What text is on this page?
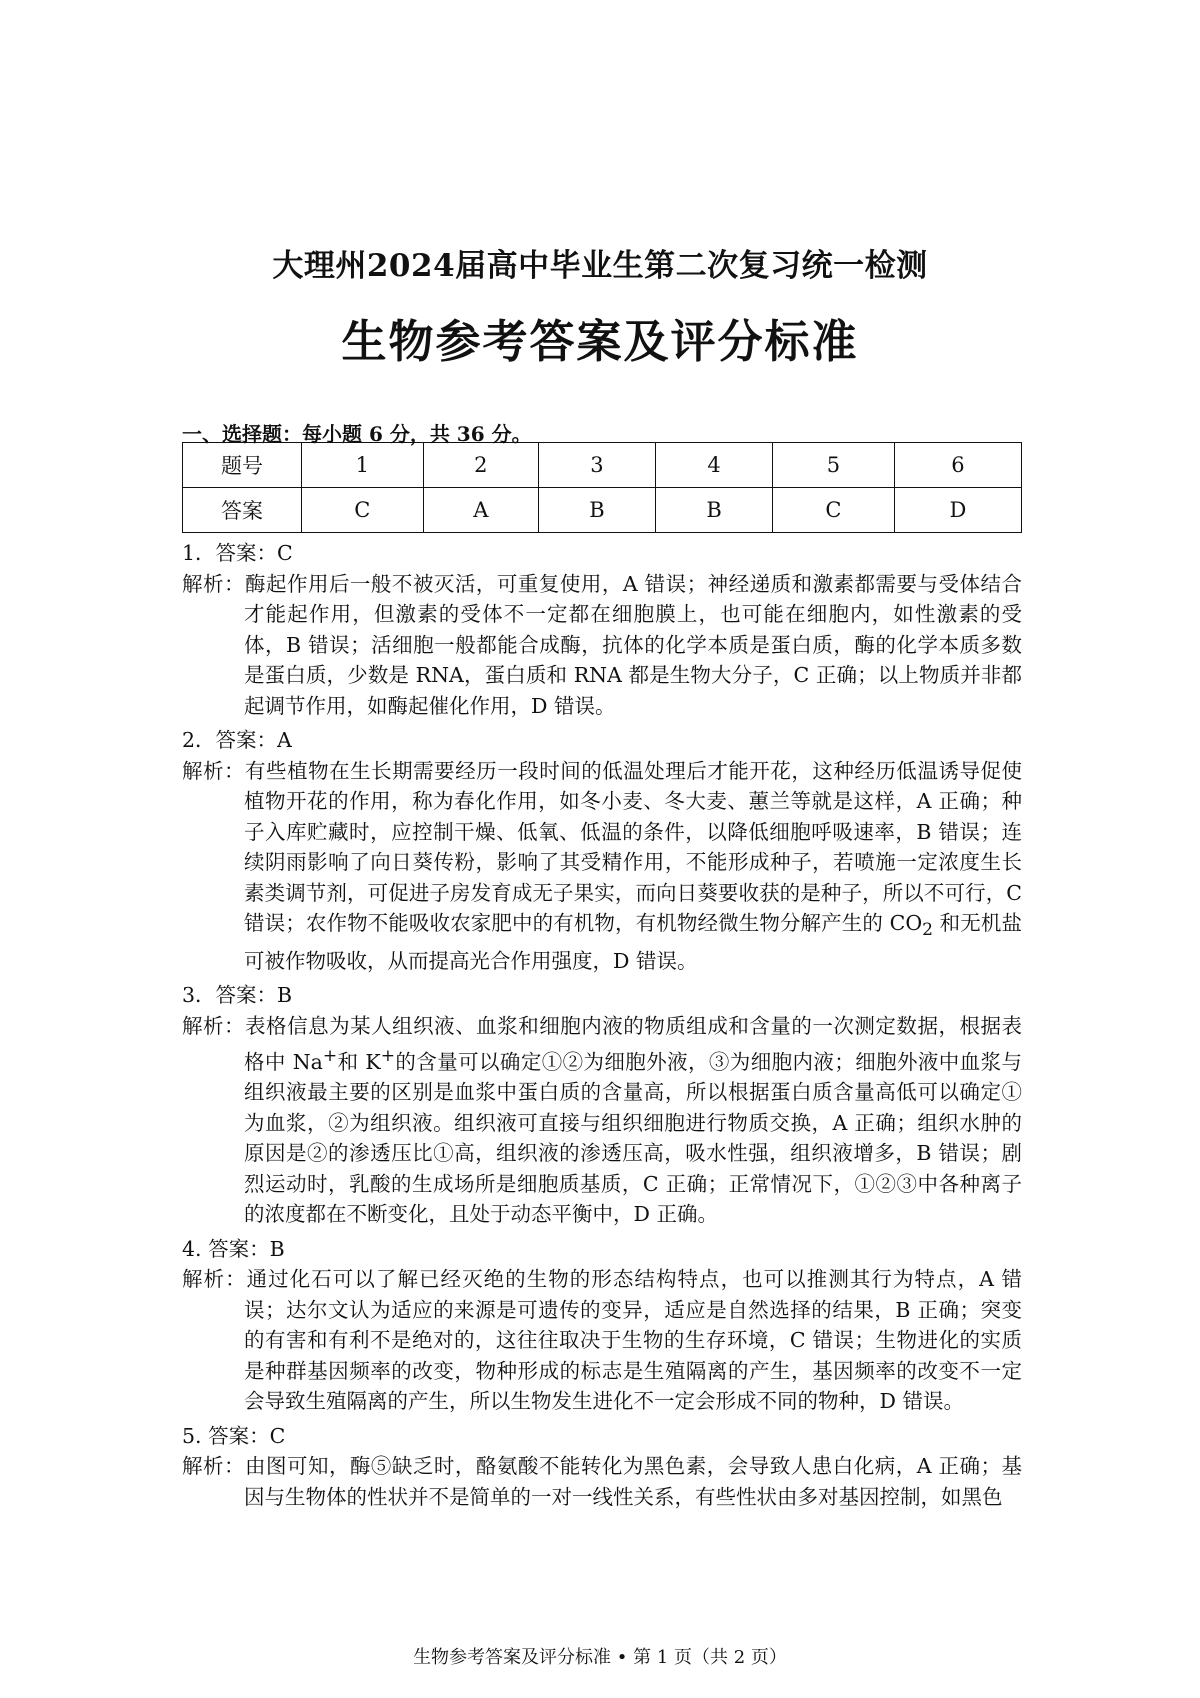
大理州2024届高中毕业生第二次复习统一检测
生物参考答案及评分标准
一、选择题：每小题 6 分，共 36 分。
题号	1	2	3	4	5	6
答案	C	A	B	B	C	D

1．答案：C

解析：酶起作用后一般不被灭活，可重复使用，A 错误；神经递质和激素都需要与受体结合才能起作用，但激素的受体不一定都在细胞膜上，也可能在细胞内，如性激素的受体，B 错误；活细胞一般都能合成酶，抗体的化学本质是蛋白质，酶的化学本质多数是蛋白质，少数是 RNA，蛋白质和 RNA 都是生物大分子，C 正确；以上物质并非都起调节作用，如酶起催化作用，D 错误。

2．答案：A

解析：有些植物在生长期需要经历一段时间的低温处理后才能开花，这种经历低温诱导促使植物开花的作用，称为春化作用，如冬小麦、冬大麦、蕙兰等就是这样，A 正确；种子入库贮藏时，应控制干燥、低氧、低温的条件，以降低细胞呼吸速率，B 错误；连续阴雨影响了向日葵传粉，影响了其受精作用，不能形成种子，若喷施一定浓度生长素类调节剂，可促进子房发育成无子果实，而向日葵要收获的是种子，所以不可行，C 错误；农作物不能吸收农家肥中的有机物，有机物经微生物分解产生的 $CO_2$ 和无机盐可被作物吸收，从而提高光合作用强度，D 错误。

3．答案：B

解析：表格信息为某人组织液、血浆和细胞内液的物质组成和含量的一次测定数据，根据表格中 Na+和 K+的含量可以确定①②为细胞外液，③为细胞内液；细胞外液中血浆与组织液最主要的区别是血浆中蛋白质的含量高，所以根据蛋白质含量高低可以确定①为血浆，②为组织液。组织液可直接与组织细胞进行物质交换，A 正确；组织水肿的原因是②的渗透压比①高，组织液的渗透压高，吸水性强，组织液增多，B 错误；剧烈运动时，乳酸的生成场所是细胞质基质，C 正确；正常情况下，①②③中各种离子的浓度都在不断变化，且处于动态平衡中，D 正确。

4. 答案：B

解析：通过化石可以了解已经灭绝的生物的形态结构特点，也可以推测其行为特点，A 错误；达尔文认为适应的来源是可遗传的变异，适应是自然选择的结果，B 正确；突变的有害和有利不是绝对的，这往往取决于生物的生存环境，C 错误；生物进化的实质是种群基因频率的改变，物种形成的标志是生殖隔离的产生，基因频率的改变不一定会导致生殖隔离的产生，所以生物发生进化不一定会形成不同的物种，D 错误。

5. 答案：C

解析：由图可知，酶⑤缺乏时，酪氨酸不能转化为黑色素，会导致人患白化病，A 正确；基因与生物体的性状并不是简单的一对一线性关系，有些性状由多对基因控制，如黑色

生物参考答案及评分标准 • 第 1 页（共 2 页）
